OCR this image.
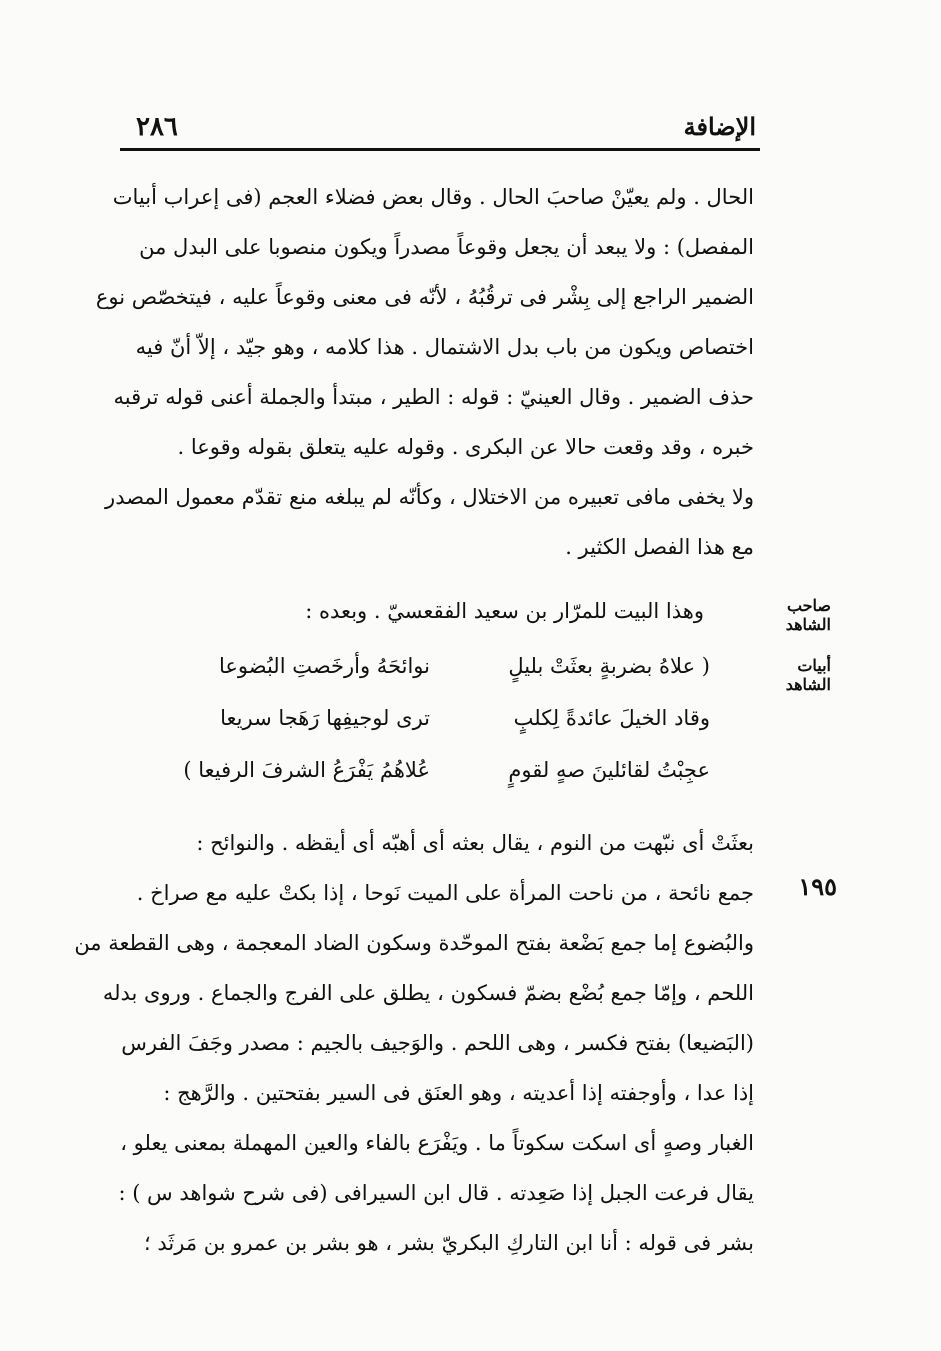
٢٨٦	الإضافة
الحال . ولم يعيّنْ صاحبَ الحال . وقال بعض فضلاء العجم (فى إعراب أبيات
المفصل) : ولا يبعد أن يجعل وقوعاً مصدراً ويكون منصوبا على البدل من
الضمير الراجع إلى بِشْر فى ترقُبُهُ ، لأنّه فى معنى وقوعاً عليه ، فيتخصّص نوع
اختصاص ويكون من باب بدل الاشتمال . هذا كلامه ، وهو جيّد ، إلاّ أنّ فيه
حذف الضمير . وقال العينيّ : قوله : الطير ، مبتدأ والجملة أعنى قوله ترقبه
خبره ، وقد وقعت حالا عن البكرى . وقوله عليه يتعلق بقوله وقوعا .
ولا يخفى مافى تعبيره من الاختلال ، وكأنّه لم يبلغه منع تقدّم معمول المصدر
مع هذا الفصل الكثير .
صاحب الشاهد
وهذا البيت للمرّار بن سعيد الفقعسيّ . وبعده :
أبيات الشاهد
( علاهُ بضربةٍ بعثَتْ بليلٍ
نوائحَهُ وأرخَصتِ البُضوعا
وقاد الخيلَ عائدةً لِكلبٍ
ترى لوجيفِها رَهَجا سريعا
عجِبْتُ لقائلينَ صهٍ لقومٍ
عُلاهُمُ يَفْرَعُ الشرفَ الرفيعا )
١٩٥
بعثَتْ أى نبّهت من النوم ، يقال بعثه أى أهبّه أى أيقظه . والنوائح :
جمع نائحة ، من ناحت المرأة على الميت نَوحا ، إذا بكتْ عليه مع صراخ .
والبُضوع إما جمع بَضْعة بفتح الموحّدة وسكون الضاد المعجمة ، وهى القطعة من
اللحم ، وإمّا جمع بُضْع بضمّ فسكون ، يطلق على الفرج والجماع . وروى بدله
(البَضيعا) بفتح فكسر ، وهى اللحم . والوَجيف بالجيم : مصدر وجَفَ الفرس
إذا عدا ، وأوجفته إذا أعديته ، وهو العنَق فى السير بفتحتين . والرَّهج :
الغبار وصهٍ أى اسكت سكوتاً ما . ويَفْرَع بالفاء والعين المهملة بمعنى يعلو ،
يقال فرعت الجبل إذا صَعِدته . قال ابن السيرافى (فى شرح شواهد س ) :
بشر فى قوله : أنا ابن التاركِ البكريّ بشر ، هو بشر بن عمرو بن مَرثَد ؛
